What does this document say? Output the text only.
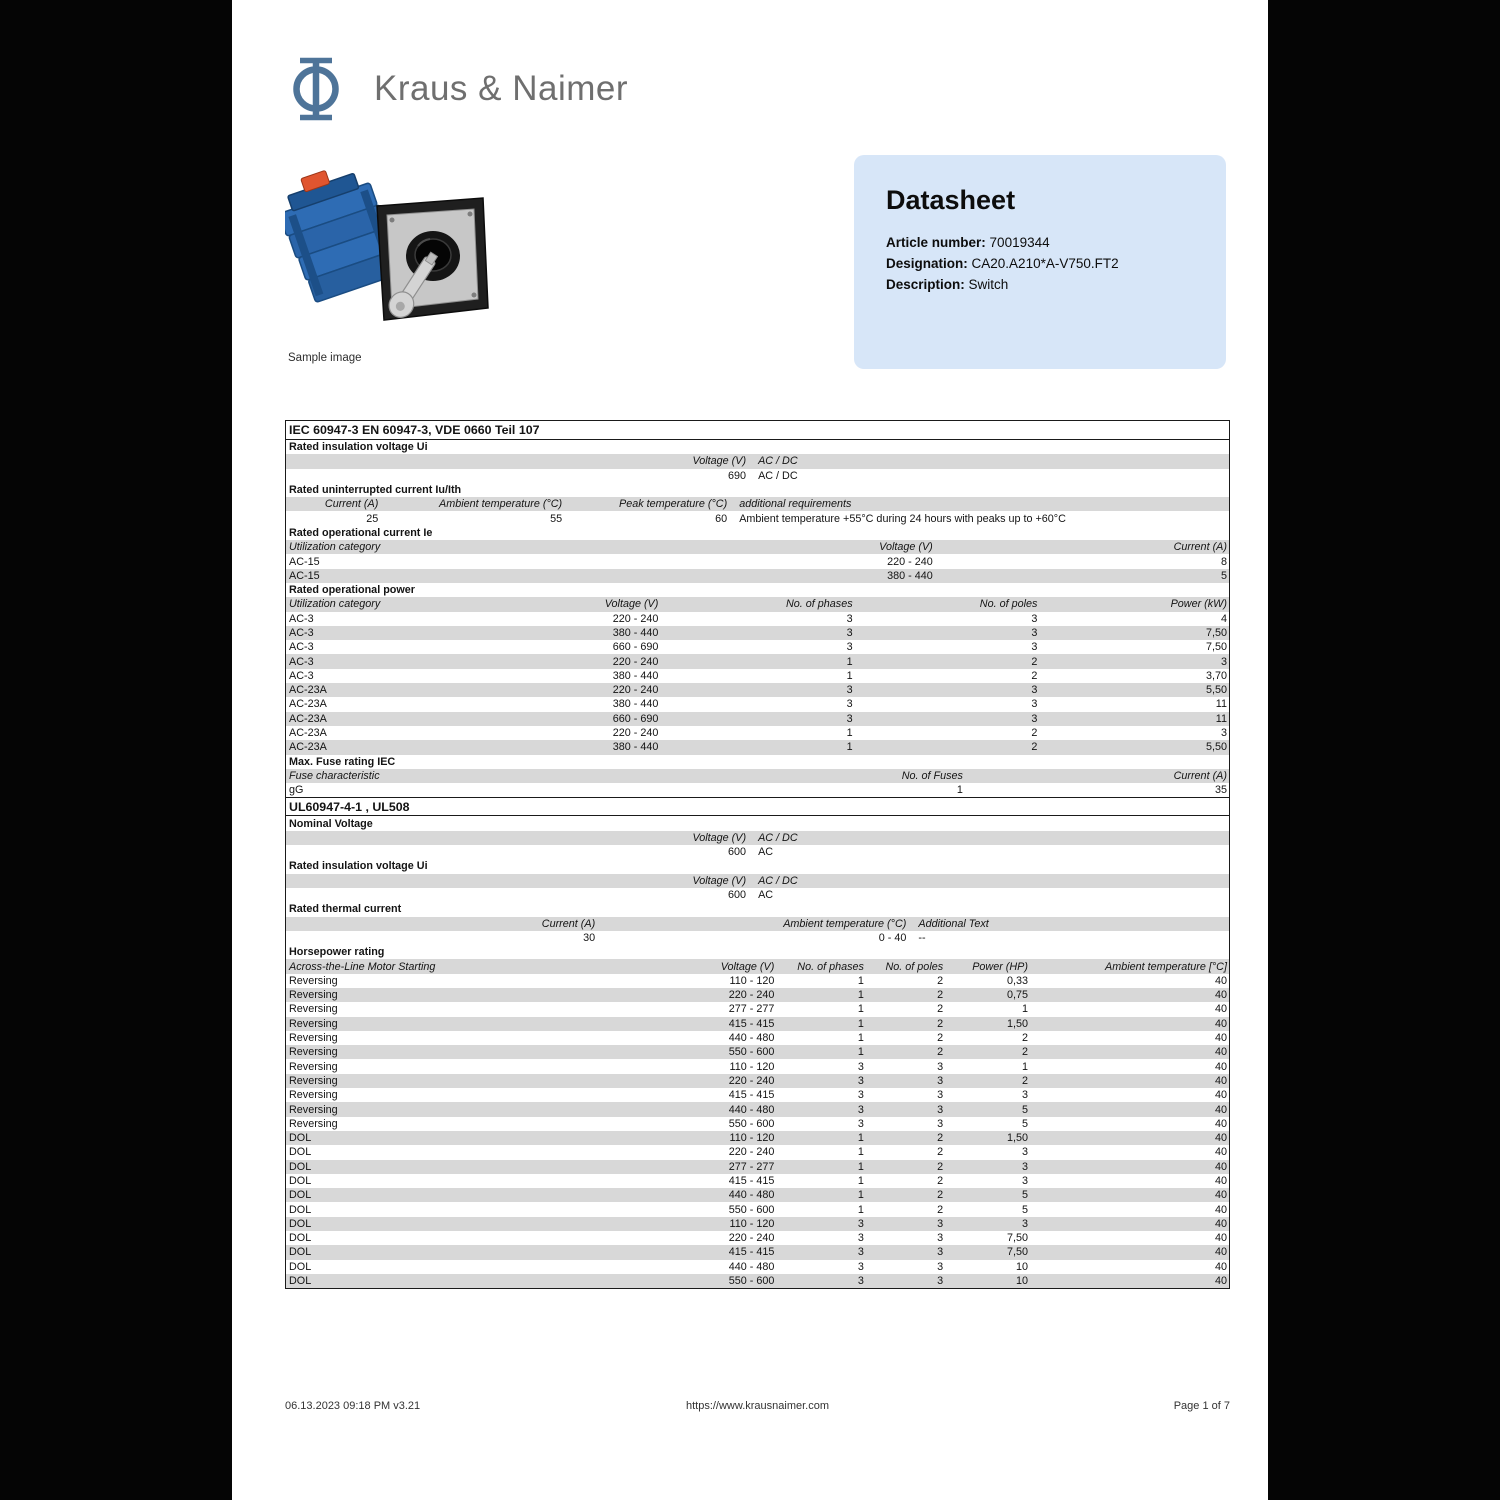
Kraus & Naimer
Sample image
Datasheet
Article number: 70019344
Designation: CA20.A210*A-V750.FT2
Description: Switch
IEC 60947-3 EN 60947-3, VDE 0660 Teil 107
Rated insulation voltage Ui
Voltage (V)	AC / DC
690	AC / DC
Rated uninterrupted current Iu/Ith
Current (A)	Ambient temperature (°C)	Peak temperature (°C)	additional requirements
25	55	60	Ambient temperature +55°C during 24 hours with peaks up to +60°C
Rated operational current Ie
Utilization category	Voltage (V)	Current (A)
AC-15	220 - 240	8
AC-15	380 - 440	5
Rated operational power
Utilization category	Voltage (V)	No. of phases	No. of poles	Power (kW)
AC-3	220 - 240	3	3	4
AC-3	380 - 440	3	3	7,50
AC-3	660 - 690	3	3	7,50
AC-3	220 - 240	1	2	3
AC-3	380 - 440	1	2	3,70
AC-23A	220 - 240	3	3	5,50
AC-23A	380 - 440	3	3	11
AC-23A	660 - 690	3	3	11
AC-23A	220 - 240	1	2	3
AC-23A	380 - 440	1	2	5,50
Max. Fuse rating IEC
Fuse characteristic	No. of Fuses	Current (A)
gG	1	35
UL60947-4-1 , UL508
Nominal Voltage
Voltage (V)	AC / DC
600	AC
Rated insulation voltage Ui
Voltage (V)	AC / DC
600	AC
Rated thermal current
Current (A)	Ambient temperature (°C)	Additional Text
30	0 - 40	--
Horsepower rating
Across-the-Line Motor Starting	Voltage (V)	No. of phases	No. of poles	Power (HP)	Ambient temperature [°C]
Reversing	110 - 120	1	2	0,33	40
Reversing	220 - 240	1	2	0,75	40
Reversing	277 - 277	1	2	1	40
Reversing	415 - 415	1	2	1,50	40
Reversing	440 - 480	1	2	2	40
Reversing	550 - 600	1	2	2	40
Reversing	110 - 120	3	3	1	40
Reversing	220 - 240	3	3	2	40
Reversing	415 - 415	3	3	3	40
Reversing	440 - 480	3	3	5	40
Reversing	550 - 600	3	3	5	40
DOL	110 - 120	1	2	1,50	40
DOL	220 - 240	1	2	3	40
DOL	277 - 277	1	2	3	40
DOL	415 - 415	1	2	3	40
DOL	440 - 480	1	2	5	40
DOL	550 - 600	1	2	5	40
DOL	110 - 120	3	3	3	40
DOL	220 - 240	3	3	7,50	40
DOL	415 - 415	3	3	7,50	40
DOL	440 - 480	3	3	10	40
DOL	550 - 600	3	3	10	40
06.13.2023 09:18 PM v3.21	https://www.krausnaimer.com	Page 1 of 7
